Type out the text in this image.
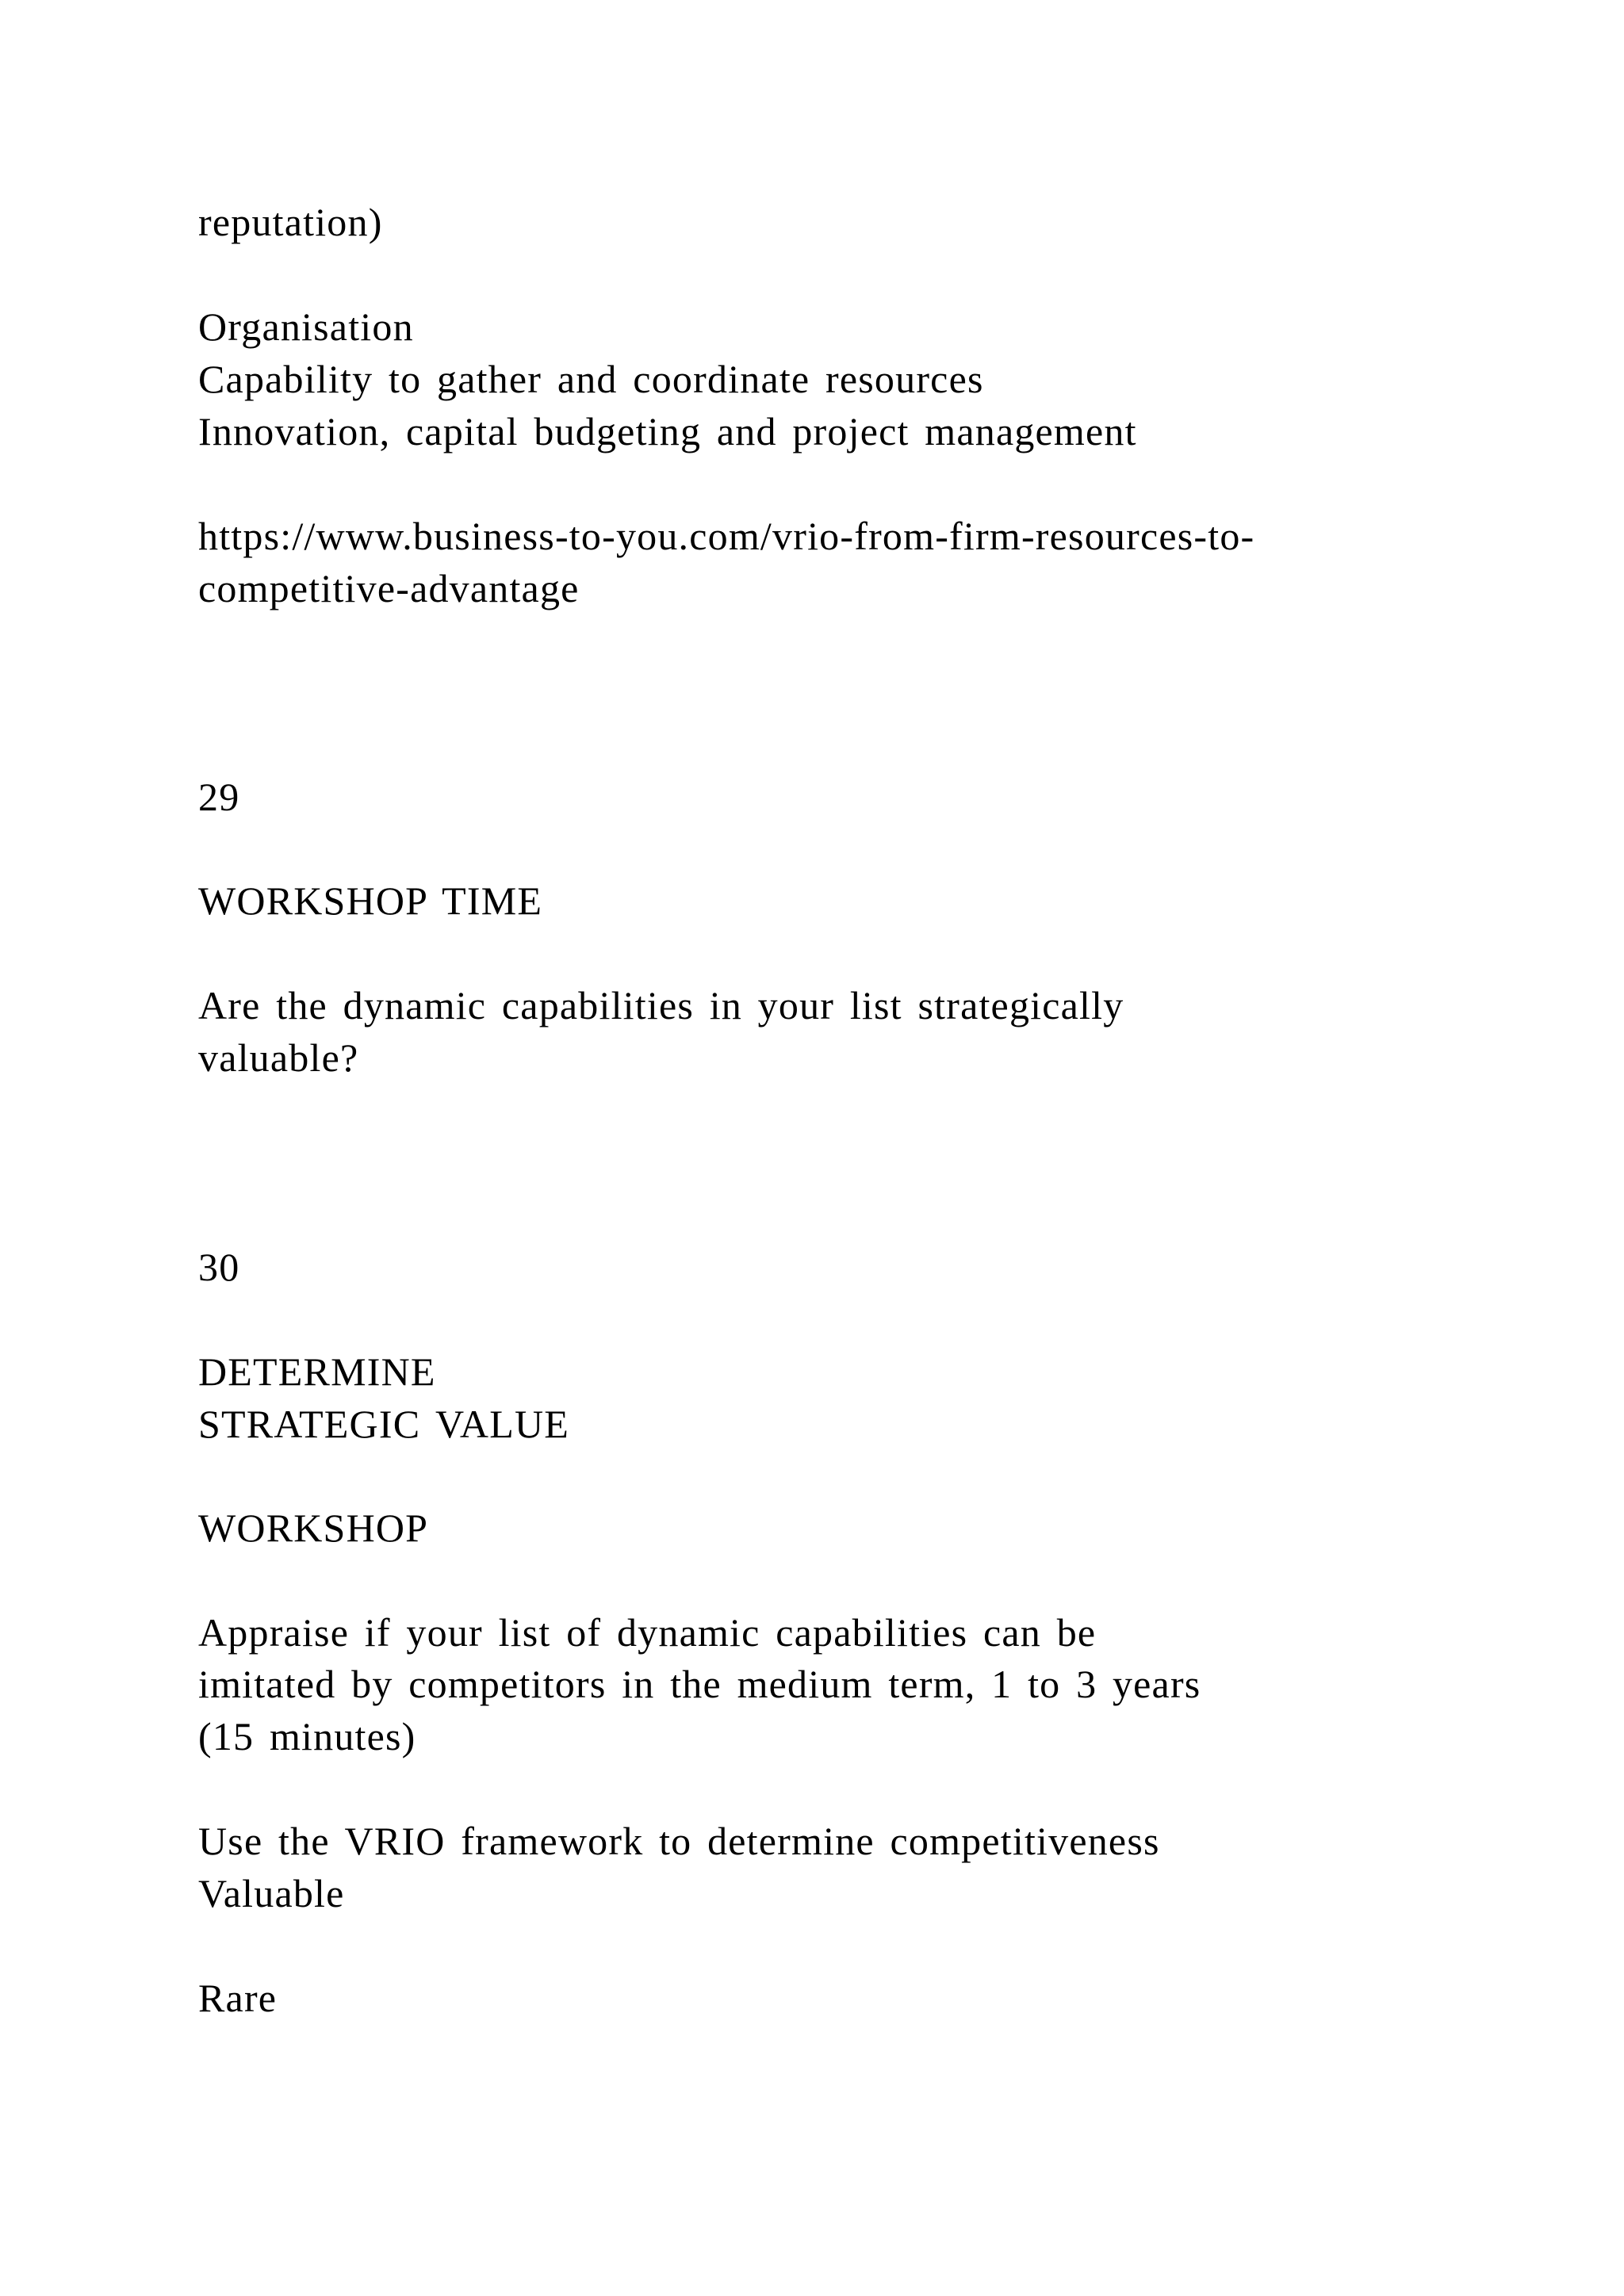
reputation)
Organisation
Capability to gather and coordinate resources
Innovation, capital budgeting and project management
https://www.business-to-you.com/vrio-from-firm-resources-to-
competitive-advantage
29
WORKSHOP TIME
Are the dynamic capabilities in your list strategically
valuable?
30
DETERMINE
STRATEGIC VALUE
WORKSHOP
Appraise if your list of dynamic capabilities can be
imitated by competitors in the medium term, 1 to 3 years
(15 minutes)
Use the VRIO framework to determine competitiveness
Valuable
Rare
